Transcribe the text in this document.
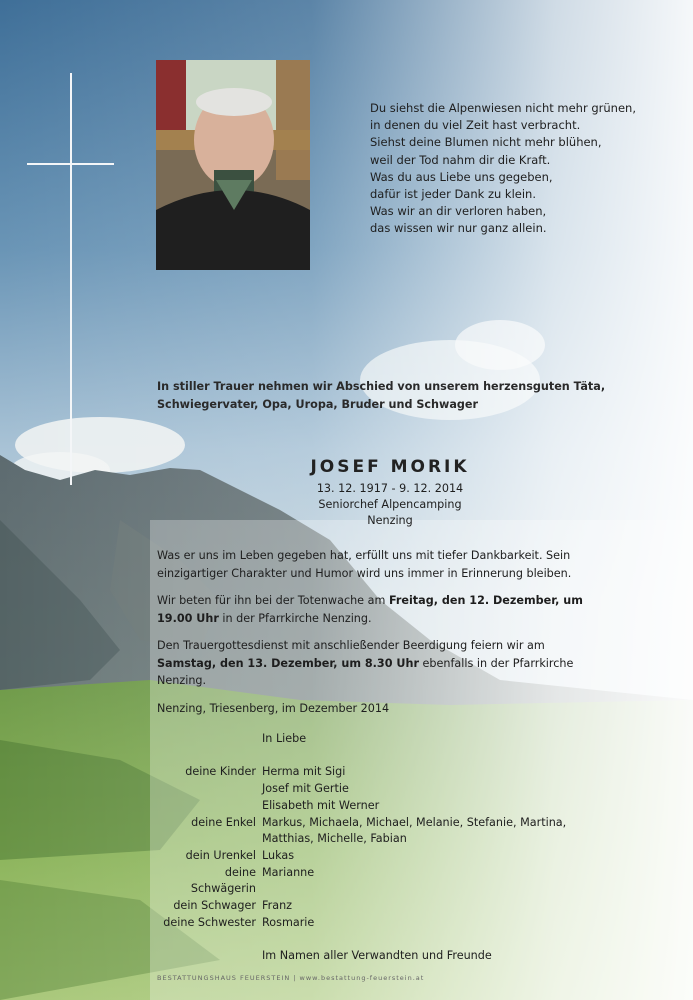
Du siehst die Alpenwiesen nicht mehr grünen,
in denen du viel Zeit hast verbracht.
Siehst deine Blumen nicht mehr blühen,
weil der Tod nahm dir die Kraft.
Was du aus Liebe uns gegeben,
dafür ist jeder Dank zu klein.
Was wir an dir verloren haben,
das wissen wir nur ganz allein.
In stiller Trauer nehmen wir Abschied von unserem herzensguten Täta,
Schwiegervater, Opa, Uropa, Bruder und Schwager
JOSEF MORIK
13. 12. 1917 - 9. 12. 2014
Seniorchef Alpencamping Nenzing

Was er uns im Leben gegeben hat, erfüllt uns mit tiefer Dankbarkeit. Sein einzigartiger Charakter und Humor wird uns immer in Erinnerung bleiben.

Wir beten für ihn bei der Totenwache am Freitag, den 12. Dezember, um 19.00 Uhr in der Pfarrkirche Nenzing.

Den Trauergottesdienst mit anschließender Beerdigung feiern wir am Samstag, den 13. Dezember, um 8.30 Uhr ebenfalls in der Pfarrkirche Nenzing.

Nenzing, Triesenberg, im Dezember 2014

In Liebe
deine Kinder Herma mit Sigi
Josef mit Gertie
Elisabeth mit Werner
deine Enkel Markus, Michaela, Michael, Melanie, Stefanie, Martina,
Matthias, Michelle, Fabian
dein Urenkel Lukas
deine Schwägerin
Marianne
dein Schwager Franz
deine Schwester Rosmarie
Im Namen aller Verwandten und Freunde
BESTATTUNGSHAUS FEUERSTEIN | www.bestattung-feuerstein.at
